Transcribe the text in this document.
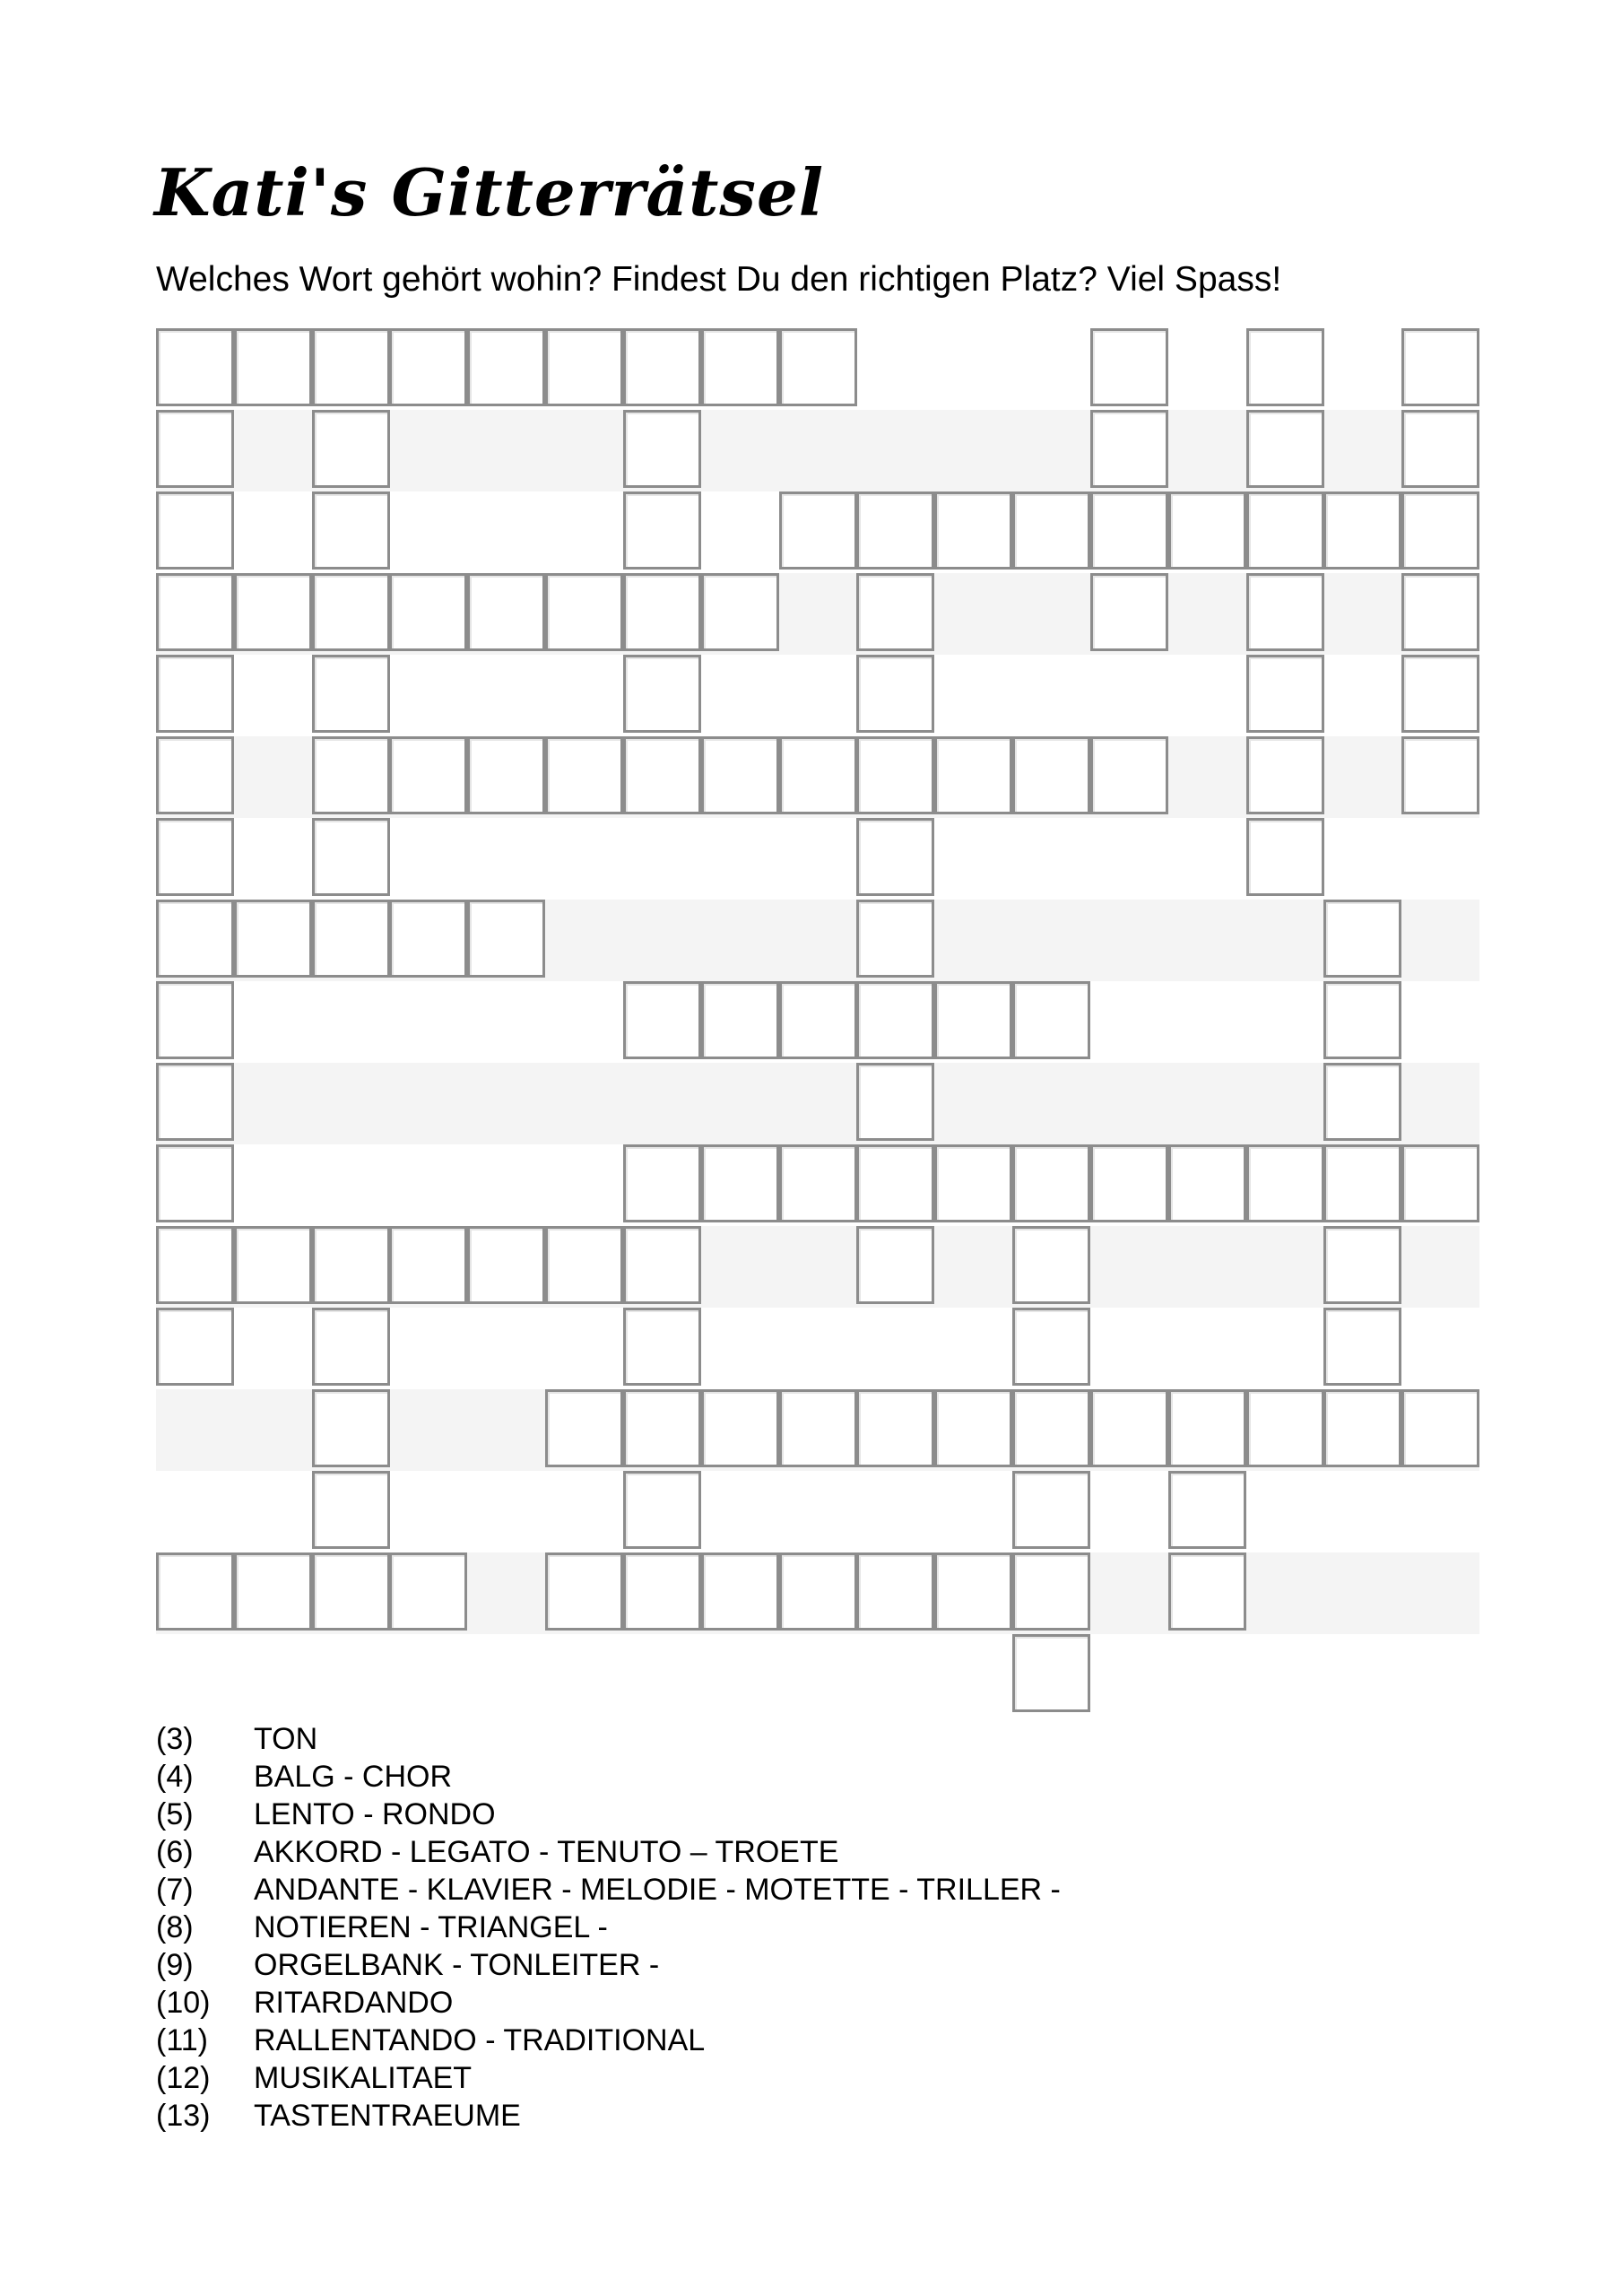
Kati's Gitterrätsel
Welches Wort gehört wohin? Findest Du den richtigen Platz? Viel Spass!
(3) TON
(4) BALG - CHOR
(5) LENTO - RONDO
(6) AKKORD - LEGATO - TENUTO – TROETE
(7) ANDANTE - KLAVIER - MELODIE - MOTETTE - TRILLER -
(8) NOTIEREN - TRIANGEL -
(9) ORGELBANK - TONLEITER -
(10) RITARDANDO
(11) RALLENTANDO - TRADITIONAL
(12) MUSIKALITAET
(13) TASTENTRAEUME
